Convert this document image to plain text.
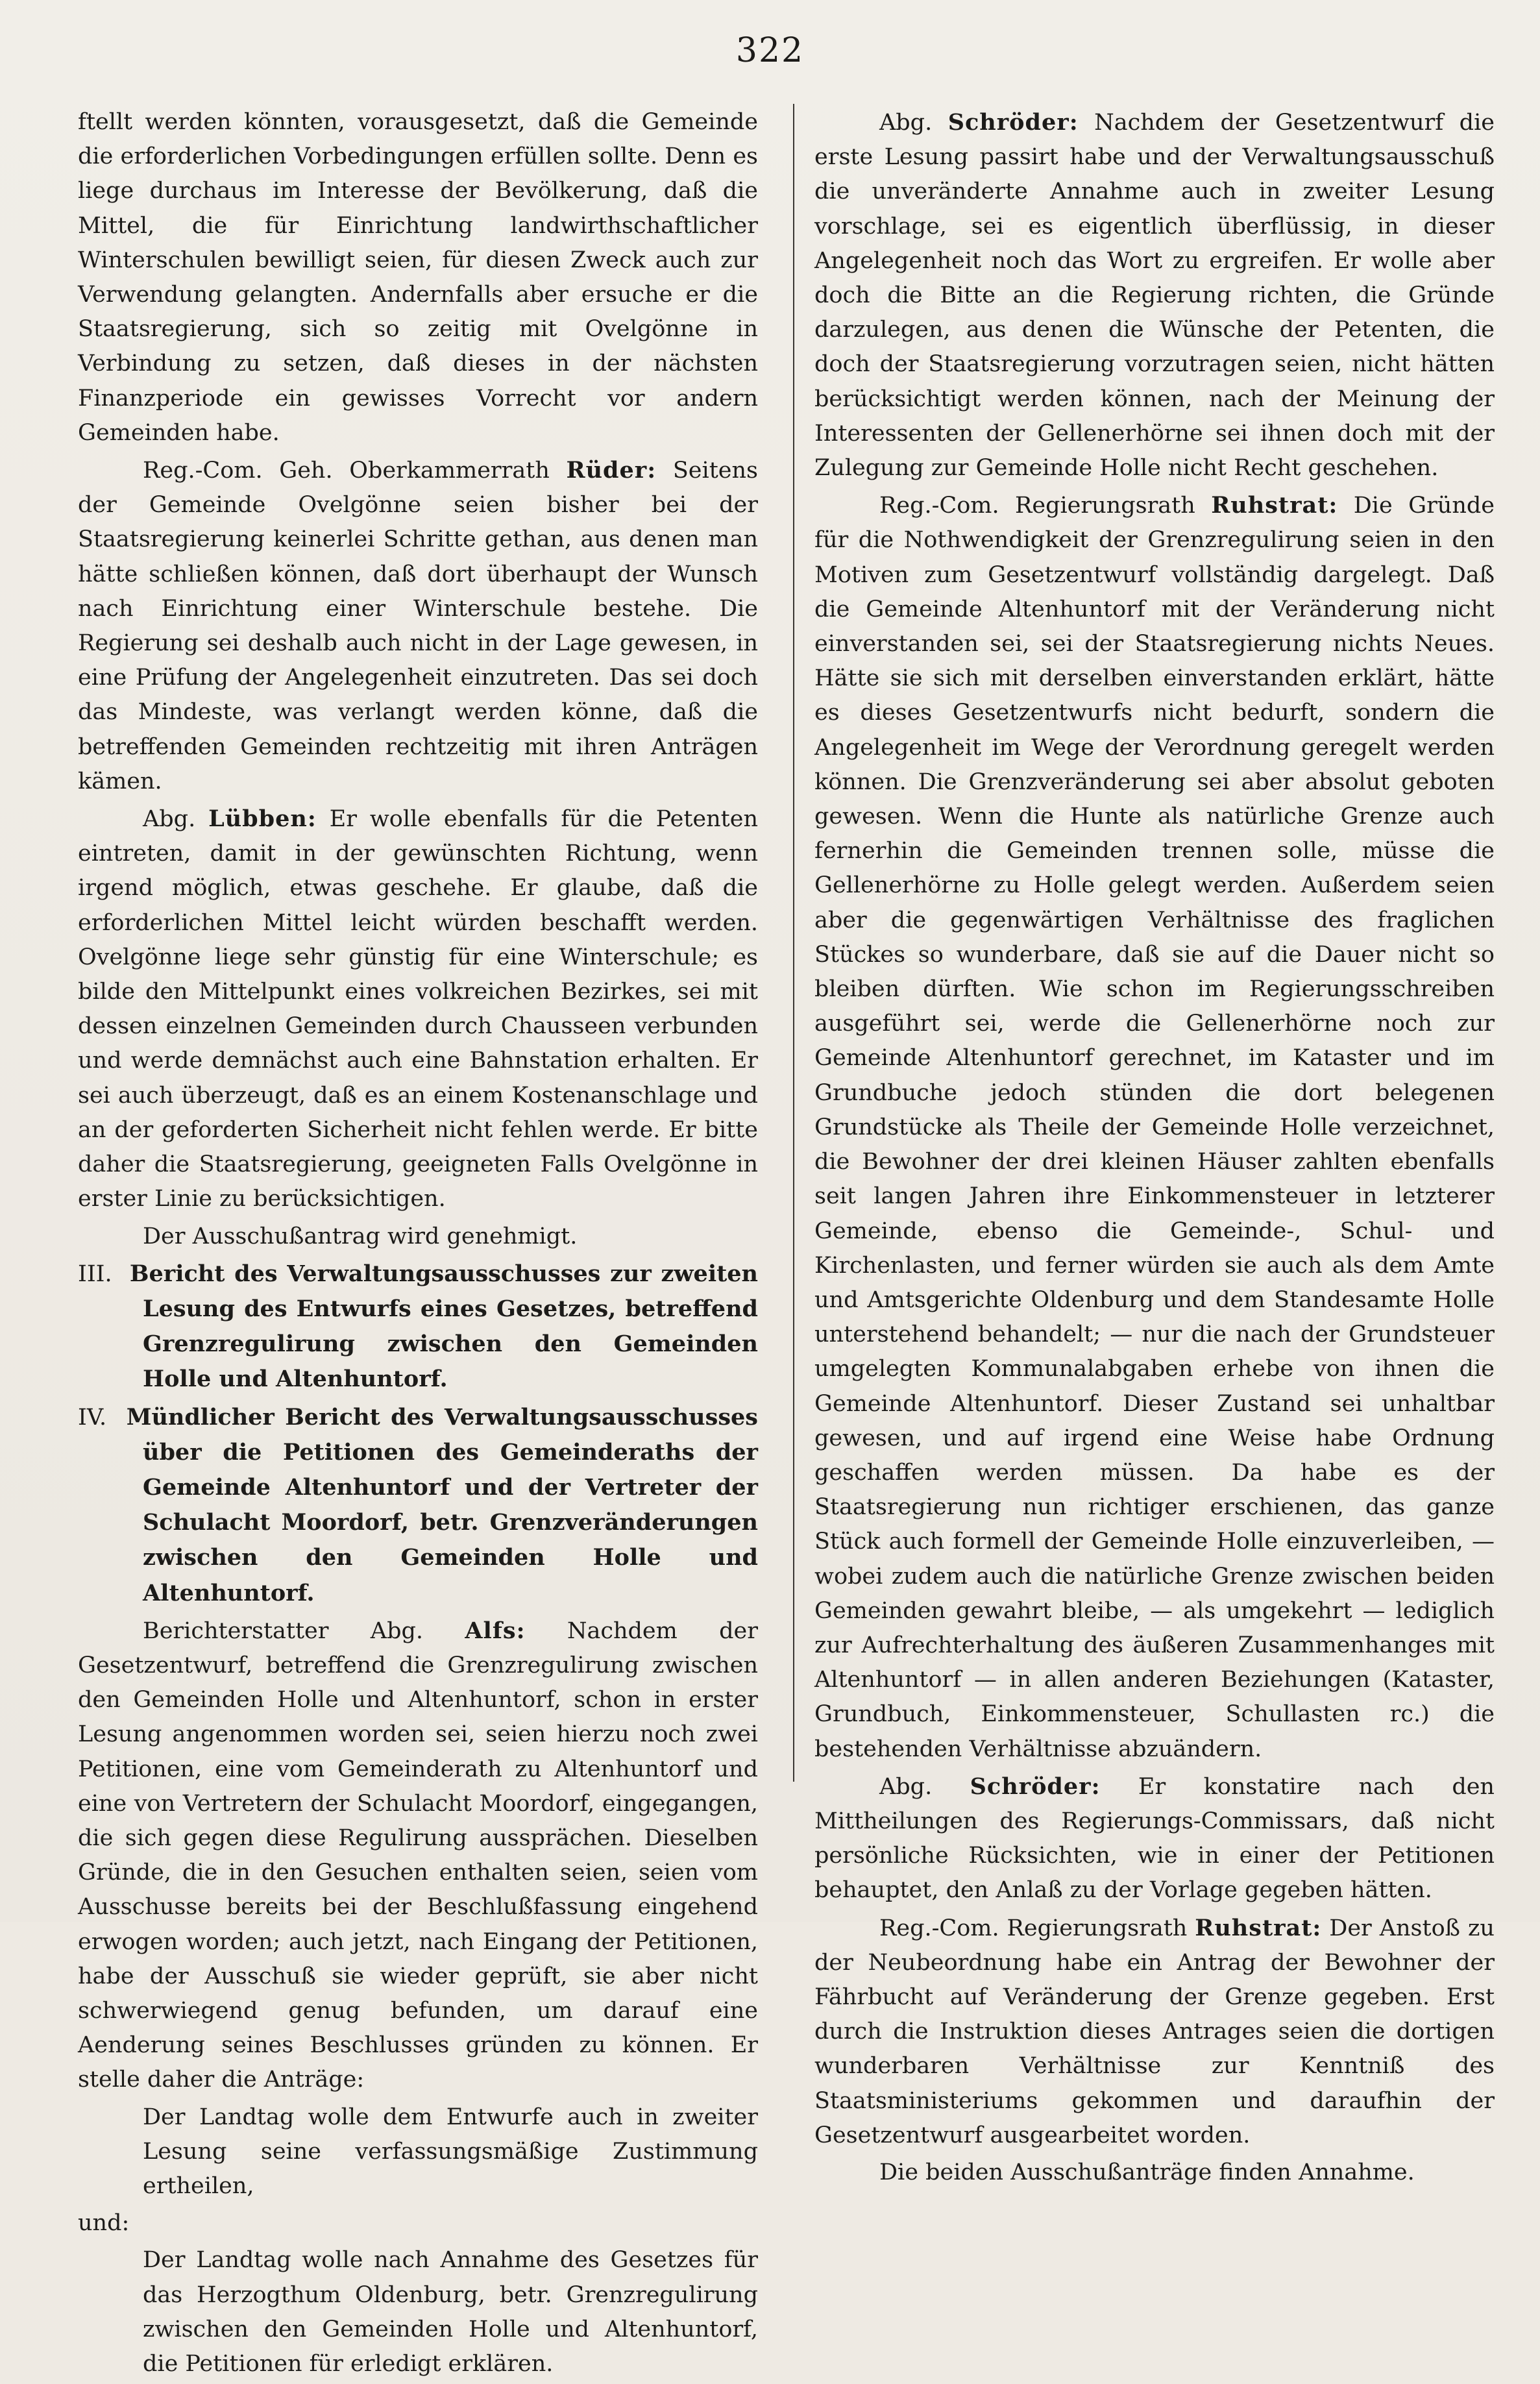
322

ftellt werden könnten, vorausgesetzt, daß die Gemeinde die erforderlichen Vorbedingungen erfüllen sollte. Denn es liege durchaus im Interesse der Bevölkerung, daß die Mittel, die für Einrichtung landwirthschaftlicher Winterschulen bewilligt seien, für diesen Zweck auch zur Verwendung gelangten. Andernfalls aber ersuche er die Staatsregierung, sich so zeitig mit Ovelgönne in Verbindung zu setzen, daß dieses in der nächsten Finanzperiode ein gewisses Vorrecht vor andern Gemeinden habe.

Reg.-Com. Geh. Oberkammerrath Rüder: Seitens der Gemeinde Ovelgönne seien bisher bei der Staatsregierung keinerlei Schritte gethan, aus denen man hätte schließen können, daß dort überhaupt der Wunsch nach Einrichtung einer Winterschule bestehe. Die Regierung sei deshalb auch nicht in der Lage gewesen, in eine Prüfung der Angelegenheit einzutreten. Das sei doch das Mindeste, was verlangt werden könne, daß die betreffenden Gemeinden rechtzeitig mit ihren Anträgen kämen.

Abg. Lübben: Er wolle ebenfalls für die Petenten eintreten, damit in der gewünschten Richtung, wenn irgend möglich, etwas geschehe. Er glaube, daß die erforderlichen Mittel leicht würden beschafft werden. Ovelgönne liege sehr günstig für eine Winterschule; es bilde den Mittelpunkt eines volkreichen Bezirkes, sei mit dessen einzelnen Gemeinden durch Chausseen verbunden und werde demnächst auch eine Bahnstation erhalten. Er sei auch überzeugt, daß es an einem Kostenanschlage und an der geforderten Sicherheit nicht fehlen werde. Er bitte daher die Staatsregierung, geeigneten Falls Ovelgönne in erster Linie zu berücksichtigen.

Der Ausschußantrag wird genehmigt.

III. Bericht des Verwaltungsausschusses zur zweiten Lesung des Entwurfs eines Gesetzes, betreffend Grenzregulirung zwischen den Gemeinden Holle und Altenhuntorf.

IV. Mündlicher Bericht des Verwaltungsausschusses über die Petitionen des Gemeinderaths der Gemeinde Altenhuntorf und der Vertreter der Schulacht Moordorf, betr. Grenzveränderungen zwischen den Gemeinden Holle und Altenhuntorf.

Berichterstatter Abg. Alfs: Nachdem der Gesetzentwurf, betreffend die Grenzregulirung zwischen den Gemeinden Holle und Altenhuntorf, schon in erster Lesung angenommen worden sei, seien hierzu noch zwei Petitionen, eine vom Gemeinderath zu Altenhuntorf und eine von Vertretern der Schulacht Moordorf, eingegangen, die sich gegen diese Regulirung aussprächen. Dieselben Gründe, die in den Gesuchen enthalten seien, seien vom Ausschusse bereits bei der Beschlußfassung eingehend erwogen worden; auch jetzt, nach Eingang der Petitionen, habe der Ausschuß sie wieder geprüft, sie aber nicht schwerwiegend genug befunden, um darauf eine Aenderung seines Beschlusses gründen zu können. Er stelle daher die Anträge:

Der Landtag wolle dem Entwurfe auch in zweiter Lesung seine verfassungsmäßige Zustimmung ertheilen,

und:

Der Landtag wolle nach Annahme des Gesetzes für das Herzogthum Oldenburg, betr. Grenzregulirung zwischen den Gemeinden Holle und Altenhuntorf, die Petitionen für erledigt erklären.

Abg. Schröder: Nachdem der Gesetzentwurf die erste Lesung passirt habe und der Verwaltungsausschuß die unveränderte Annahme auch in zweiter Lesung vorschlage, sei es eigentlich überflüssig, in dieser Angelegenheit noch das Wort zu ergreifen. Er wolle aber doch die Bitte an die Regierung richten, die Gründe darzulegen, aus denen die Wünsche der Petenten, die doch der Staatsregierung vorzutragen seien, nicht hätten berücksichtigt werden können, nach der Meinung der Interessenten der Gellenerhörne sei ihnen doch mit der Zulegung zur Gemeinde Holle nicht Recht geschehen.

Reg.-Com. Regierungsrath Ruhstrat: Die Gründe für die Nothwendigkeit der Grenzregulirung seien in den Motiven zum Gesetzentwurf vollständig dargelegt. Daß die Gemeinde Altenhuntorf mit der Veränderung nicht einverstanden sei, sei der Staatsregierung nichts Neues. Hätte sie sich mit derselben einverstanden erklärt, hätte es dieses Gesetzentwurfs nicht bedurft, sondern die Angelegenheit im Wege der Verordnung geregelt werden können. Die Grenzveränderung sei aber absolut geboten gewesen. Wenn die Hunte als natürliche Grenze auch fernerhin die Gemeinden trennen solle, müsse die Gellenerhörne zu Holle gelegt werden. Außerdem seien aber die gegenwärtigen Verhältnisse des fraglichen Stückes so wunderbare, daß sie auf die Dauer nicht so bleiben dürften. Wie schon im Regierungsschreiben ausgeführt sei, werde die Gellenerhörne noch zur Gemeinde Altenhuntorf gerechnet, im Kataster und im Grundbuche jedoch stünden die dort belegenen Grundstücke als Theile der Gemeinde Holle verzeichnet, die Bewohner der drei kleinen Häuser zahlten ebenfalls seit langen Jahren ihre Einkommensteuer in letzterer Gemeinde, ebenso die Gemeinde-, Schul- und Kirchenlasten, und ferner würden sie auch als dem Amte und Amtsgerichte Oldenburg und dem Standesamte Holle unterstehend behandelt; — nur die nach der Grundsteuer umgelegten Kommunalabgaben erhebe von ihnen die Gemeinde Altenhuntorf. Dieser Zustand sei unhaltbar gewesen, und auf irgend eine Weise habe Ordnung geschaffen werden müssen. Da habe es der Staatsregierung nun richtiger erschienen, das ganze Stück auch formell der Gemeinde Holle einzuverleiben, — wobei zudem auch die natürliche Grenze zwischen beiden Gemeinden gewahrt bleibe, — als umgekehrt — lediglich zur Aufrechterhaltung des äußeren Zusammenhanges mit Altenhuntorf — in allen anderen Beziehungen (Kataster, Grundbuch, Einkommensteuer, Schullasten rc.) die bestehenden Verhältnisse abzuändern.

Abg. Schröder: Er konstatire nach den Mittheilungen des Regierungs-Commissars, daß nicht persönliche Rücksichten, wie in einer der Petitionen behauptet, den Anlaß zu der Vorlage gegeben hätten.

Reg.-Com. Regierungsrath Ruhstrat: Der Anstoß zu der Neubeordnung habe ein Antrag der Bewohner der Fährbucht auf Veränderung der Grenze gegeben. Erst durch die Instruktion dieses Antrages seien die dortigen wunderbaren Verhältnisse zur Kenntniß des Staatsministeriums gekommen und daraufhin der Gesetzentwurf ausgearbeitet worden.

Die beiden Ausschußanträge finden Annahme.
